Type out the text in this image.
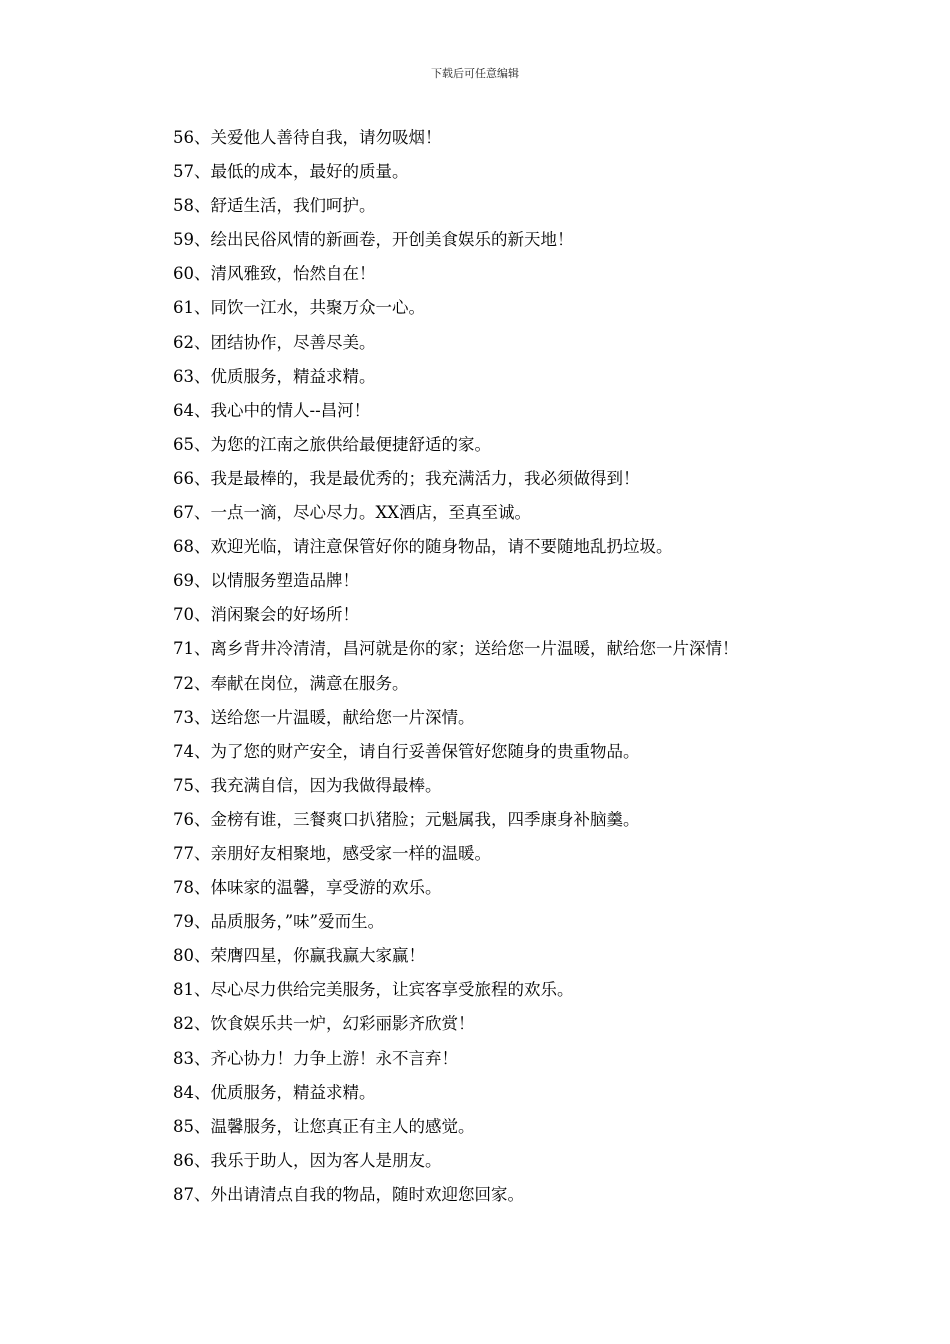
下载后可任意编辑
56、关爱他人善待自我，请勿吸烟！
57、最低的成本，最好的质量。
58、舒适生活，我们呵护。
59、绘出民俗风情的新画卷，开创美食娱乐的新天地！
60、清风雅致，怡然自在！
61、同饮一江水，共聚万众一心。
62、团结协作，尽善尽美。
63、优质服务，精益求精。
64、我心中的情人--昌河！
65、为您的江南之旅供给最便捷舒适的家。
66、我是最棒的，我是最优秀的；我充满活力，我必须做得到！
67、一点一滴，尽心尽力。XX酒店，至真至诚。
68、欢迎光临，请注意保管好你的随身物品，请不要随地乱扔垃圾。
69、以情服务塑造品牌！
70、消闲聚会的好场所！
71、离乡背井冷清清，昌河就是你的家；送给您一片温暖，献给您一片深情！
72、奉献在岗位，满意在服务。
73、送给您一片温暖，献给您一片深情。
74、为了您的财产安全，请自行妥善保管好您随身的贵重物品。
75、我充满自信，因为我做得最棒。
76、金榜有谁，三餐爽口扒猪脸；元魁属我，四季康身补脑羹。
77、亲朋好友相聚地，感受家一样的温暖。
78、体味家的温馨，享受游的欢乐。
79、品质服务，”味”爱而生。
80、荣膺四星，你赢我赢大家赢！
81、尽心尽力供给完美服务，让宾客享受旅程的欢乐。
82、饮食娱乐共一炉，幻彩丽影齐欣赏！
83、齐心协力！力争上游！永不言弃！
84、优质服务，精益求精。
85、温馨服务，让您真正有主人的感觉。
86、我乐于助人，因为客人是朋友。
87、外出请清点自我的物品，随时欢迎您回家。
